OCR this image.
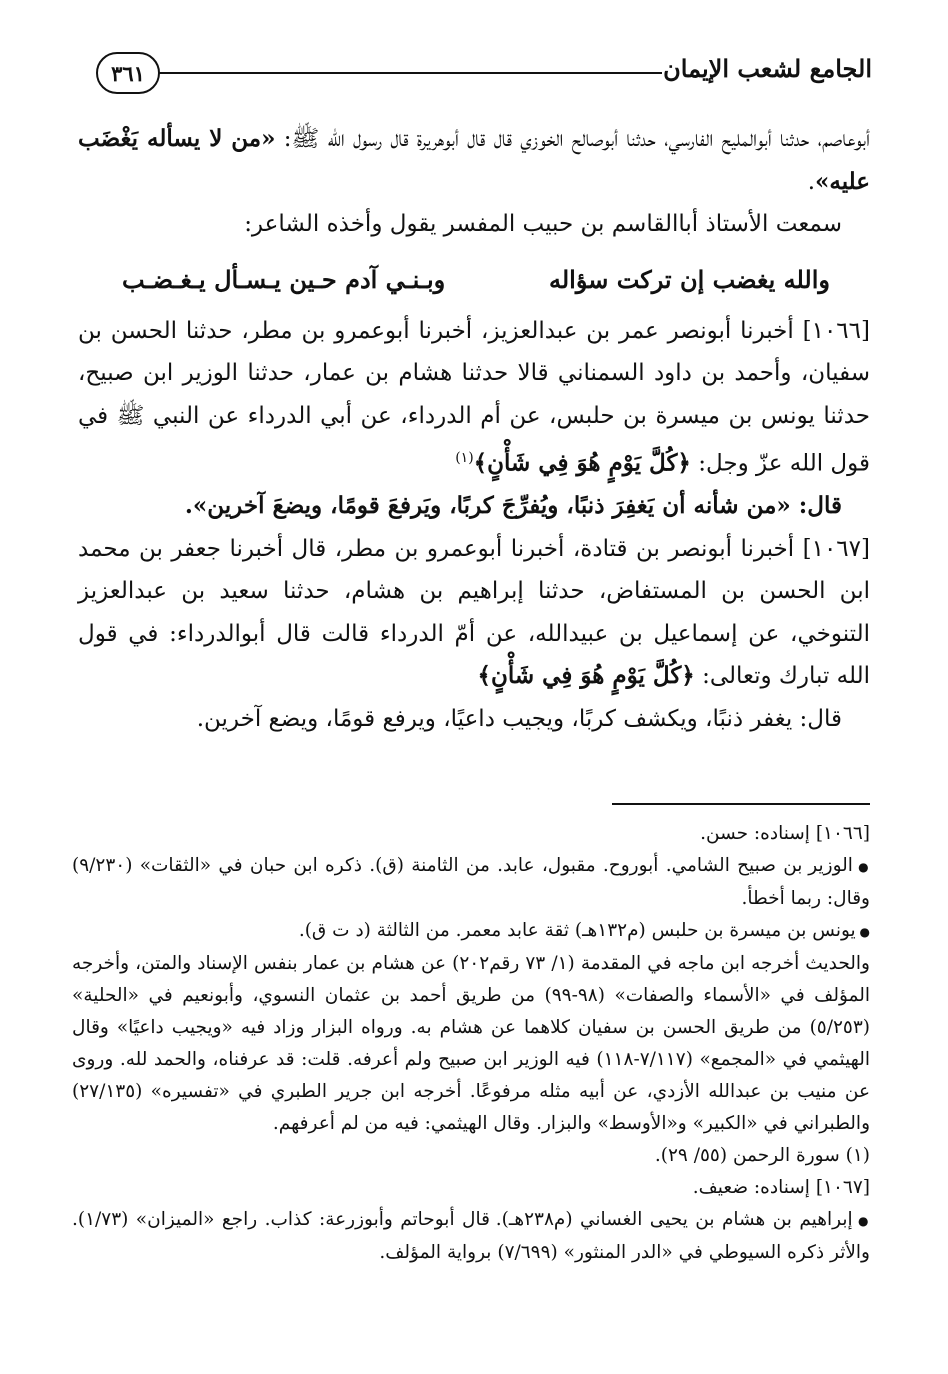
٣٦١	الجامع لشعب الإيمان

أبوعاصم، حدثنا أبوالمليح الفارسي، حدثنا أبوصالح الخوزي قال قال أبوهريرة قال رسول الله ﷺ: «من لا يسأله يَغْضَب عليه».

سمعت الأستاذ أباالقاسم بن حبيب المفسر يقول وأخذه الشاعر:

والله يغضب إن تركت سؤاله
وبـنـي آدم حـين يـسـأل يـغـضـب

[١٠٦٦] أخبرنا أبونصر عمر بن عبدالعزيز، أخبرنا أبوعمرو بن مطر، حدثنا الحسن بن سفيان، وأحمد بن داود السمناني قالا حدثنا هشام بن عمار، حدثنا الوزير ابن صبيح، حدثنا يونس بن ميسرة بن حلبس، عن أم الدرداء، عن أبي الدرداء عن النبي ﷺ في قول الله عزّ وجل: ﴿كُلَّ يَوْمٍ هُوَ فِي شَأْنٍ﴾$^{(١)}$

قال: «من شأنه أن يَغفِرَ ذنبًا، ويُفرِّجَ كربًا، ويَرفعَ قومًا، ويضعَ آخرين».

[١٠٦٧] أخبرنا أبونصر بن قتادة، أخبرنا أبوعمرو بن مطر، قال أخبرنا جعفر بن محمد ابن الحسن بن المستفاض، حدثنا إبراهيم بن هشام، حدثنا سعيد بن عبدالعزيز التنوخي، عن إسماعيل بن عبيدالله، عن أمّ الدرداء قالت قال أبوالدرداء: في قول الله تبارك وتعالى: ﴿كُلَّ يَوْمٍ هُوَ فِي شَأْنٍ﴾

قال: يغفر ذنبًا، ويكشف كربًا، ويجيب داعيًا، ويرفع قومًا، ويضع آخرين.

[١٠٦٦] إسناده: حسن.

● الوزير بن صبيح الشامي. أبوروح. مقبول، عابد. من الثامنة (ق). ذكره ابن حبان في «الثقات» (٩/٢٣٠) وقال: ربما أخطأ.

● يونس بن ميسرة بن حلبس (م١٣٢هـ) ثقة عابد معمر. من الثالثة (د ت ق).

والحديث أخرجه ابن ماجه في المقدمة (١/ ٧٣ رقم٢٠٢) عن هشام بن عمار بنفس الإسناد والمتن، وأخرجه المؤلف في «الأسماء والصفات» (٩٨-٩٩) من طريق أحمد بن عثمان النسوي، وأبونعيم في «الحلية» (٥/٢٥٣) من طريق الحسن بن سفيان كلاهما عن هشام به. ورواه البزار وزاد فيه «ويجيب داعيًا» وقال الهيثمي في «المجمع» (٧/١١٧-١١٨) فيه الوزير ابن صبيح ولم أعرفه. قلت: قد عرفناه، والحمد لله. وروى عن منيب بن عبدالله الأزدي، عن أبيه مثله مرفوعًا. أخرجه ابن جرير الطبري في «تفسيره» (٢٧/١٣٥) والطبراني في «الكبير» و«الأوسط» والبزار. وقال الهيثمي: فيه من لم أعرفهم.

(١) سورة الرحمن (٥٥/ ٢٩).

[١٠٦٧] إسناده: ضعيف.

● إبراهيم بن هشام بن يحيى الغساني (م٢٣٨هـ). قال أبوحاتم وأبوزرعة: كذاب. راجع «الميزان» (١/٧٣). والأثر ذكره السيوطي في «الدر المنثور» (٧/٦٩٩) برواية المؤلف.
